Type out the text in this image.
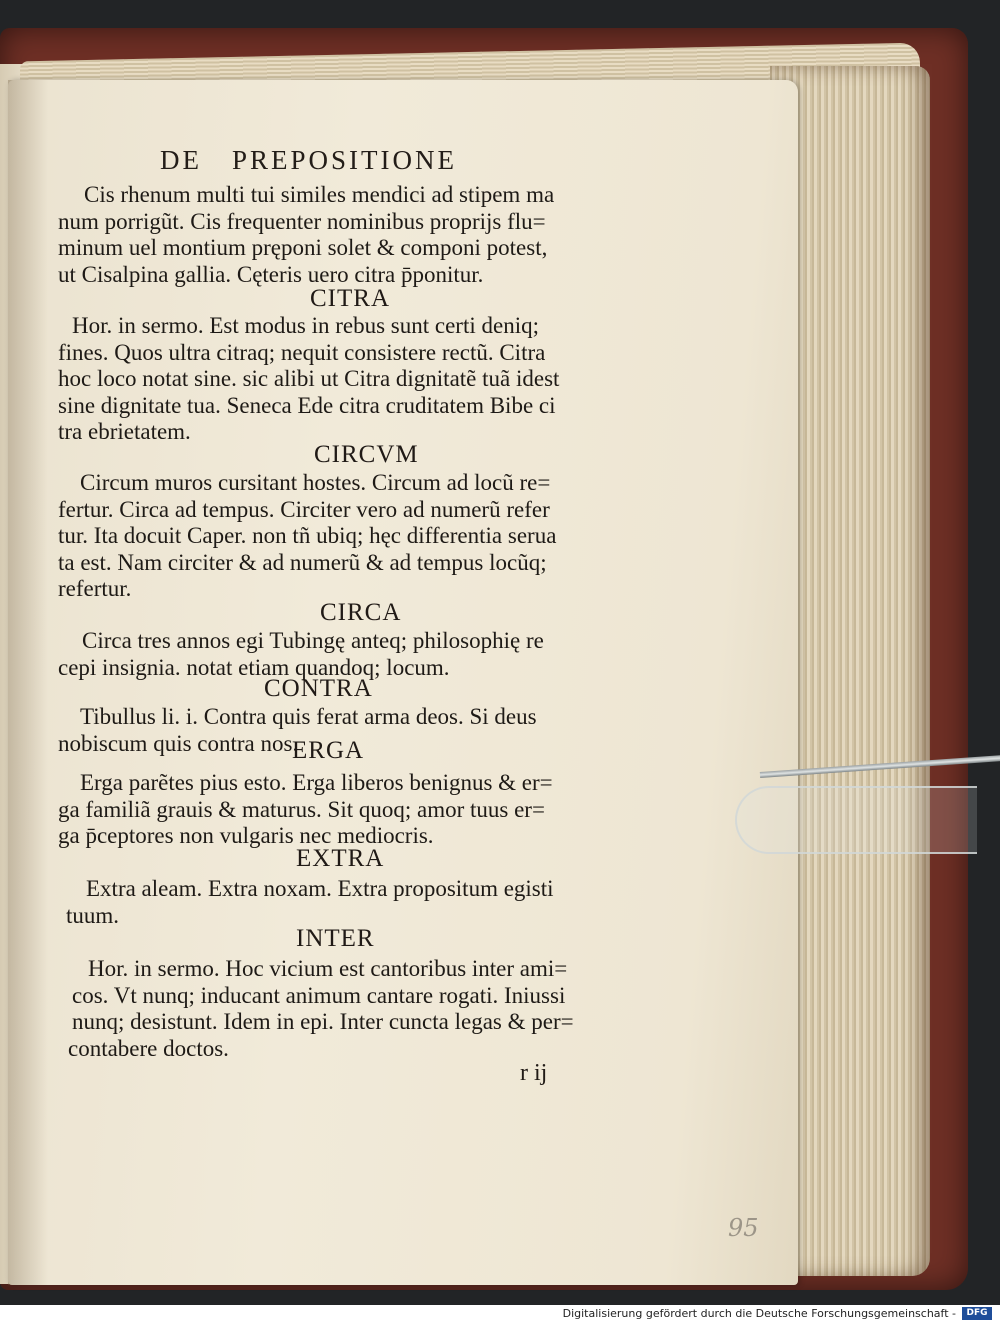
DE PREPOSITIONE
Cis rhenum multi tui similes mendici ad stipem ma
num porrigũt. Cis frequenter nominibus proprijs flu=
minum uel montium pręponi solet & componi potest,
ut Cisalpina gallia. Cęteris uero citra p̄ponitur.
CITRA
Hor. in sermo. Est modus in rebus sunt certi deniq;
fines. Quos ultra citraq; nequit consistere rectũ. Citra
hoc loco notat sine. sic alibi ut Citra dignitatẽ tuã idest
sine dignitate tua. Seneca Ede citra cruditatem Bibe ci
tra ebrietatem.
CIRCVM
Circum muros cursitant hostes. Circum ad locũ re=
fertur. Circa ad tempus. Circiter vero ad numerũ refer
tur. Ita docuit Caper. non tñ ubiq; hęc differentia serua
ta est. Nam circiter & ad numerũ & ad tempus locũq;
refertur.
CIRCA
Circa tres annos egi Tubingę anteq; philosophię re
cepi insignia. notat etiam quandoq; locum.
CONTRA
Tibullus li. i. Contra quis ferat arma deos. Si deus
nobiscum quis contra nos.
ERGA
Erga parẽtes pius esto. Erga liberos benignus & er=
ga familiã grauis & maturus. Sit quoq; amor tuus er=
ga p̄ceptores non vulgaris nec mediocris.
EXTRA
Extra aleam. Extra noxam. Extra propositum egisti
tuum.
INTER
Hor. in sermo. Hoc vicium est cantoribus inter ami=
cos. Vt nunq; inducant animum cantare rogati. Iniussi
nunq; desistunt. Idem in epi. Inter cuncta legas & per=
contabere doctos.
r ij
95
Digitalisierung gefördert durch die Deutsche Forschungsgemeinschaft -	DFG
